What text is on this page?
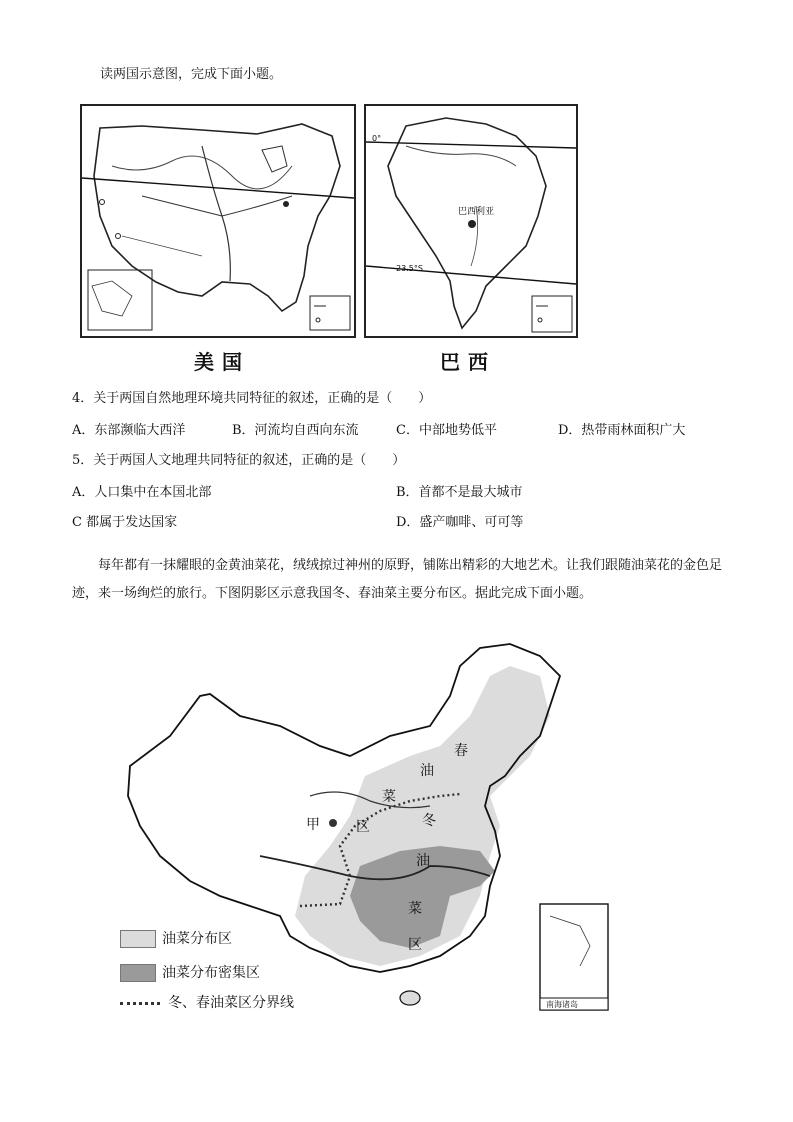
读两国示意图，完成下面小题。
0°
巴西利亚
23.5°S
美国	巴西
4．关于两国自然地理环境共同特征的叙述，正确的是（　　）
A．东部濒临大西洋	B．河流均自西向东流	C．中部地势低平	D．热带雨林面积广大
5．关于两国人文地理共同特征的叙述，正确的是（　　）
A．人口集中在本国北部	B．首都不是最大城市
C 都属于发达国家	D．盛产咖啡、可可等
每年都有一抹耀眼的金黄油菜花，绒绒掠过神州的原野，铺陈出精彩的大地艺术。让我们跟随油菜花的金色足迹，来一场绚烂的旅行。下图阴影区示意我国冬、春油菜主要分布区。据此完成下面小题。
春
油
菜
冬
油
菜
区
区
甲
南海诸岛
油菜分布区
油菜分布密集区
冬、春油菜区分界线
